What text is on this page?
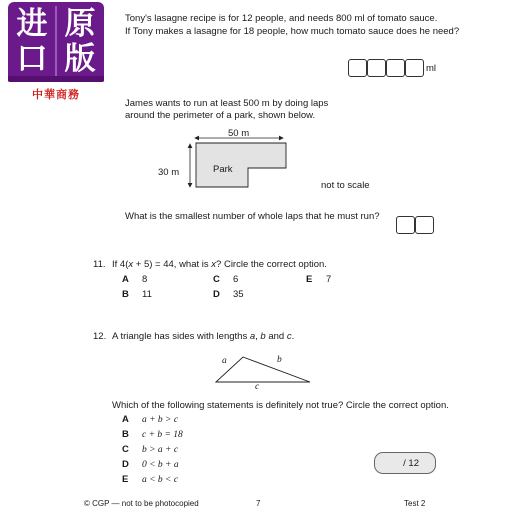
进 原
口 版
中華商務
Tony's lasagne recipe is for 12 people, and needs 800 ml of tomato sauce.
If Tony makes a lasagne for 18 people, how much tomato sauce does he need?
ml
James wants to run at least 500 m by doing laps
around the perimeter of a park, shown below.
50 m
30 m	Park
not to scale
What is the smallest number of whole laps that he must run?
11. If 4(x + 5) = 44, what is x? Circle the correct option.
A 8	C 6	E 7
B 11	D 35
12. A triangle has sides with lengths a, b and c.
a	b
c
Which of the following statements is definitely not true? Circle the correct option.
A a + b > c
B c + b = 18
C b > a + c
D 0 < b + a
E a < b < c
/ 12
© CGP — not to be photocopied	7	Test 2
